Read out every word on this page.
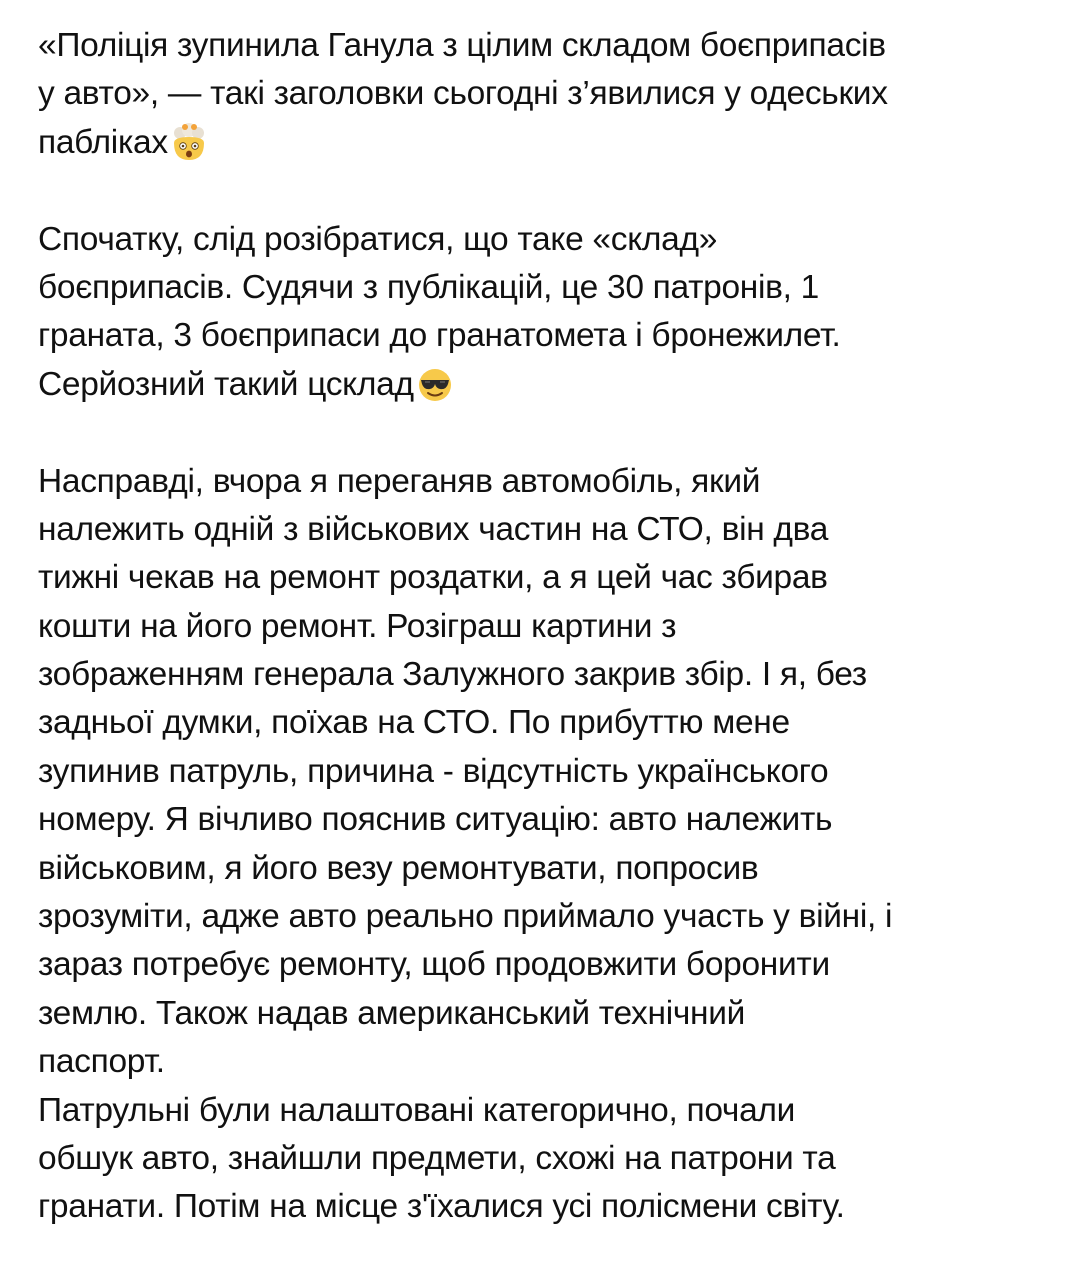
«Поліція зупинила Ганула з цілим складом боєприпасів
у авто», — такі заголовки сьогодні з’явилися у одеських
пабліках
Спочатку, слід розібратися, що таке «склад»
боєприпасів. Судячи з публікацій, це 30 патронів, 1
граната, 3 боєприпаси до гранатомета і бронежилет.
Серйозний такий цсклад
Насправді, вчора я переганяв автомобіль, який
належить одній з військових частин на СТО, він два
тижні чекав на ремонт роздатки, а я цей час збирав
кошти на його ремонт. Розіграш картини з
зображенням генерала Залужного закрив збір. І я, без
задньої думки, поїхав на СТО. По прибуттю мене
зупинив патруль, причина - відсутність українського
номеру. Я вічливо пояснив ситуацію: авто належить
військовим, я його везу ремонтувати, попросив
зрозуміти, адже авто реально приймало участь у війні, і
зараз потребує ремонту, щоб продовжити боронити
землю. Також надав американський технічний
паспорт.
Патрульні були налаштовані категорично, почали
обшук авто, знайшли предмети, схожі на патрони та
гранати. Потім на місце з'їхалися усі полісмени світу.
